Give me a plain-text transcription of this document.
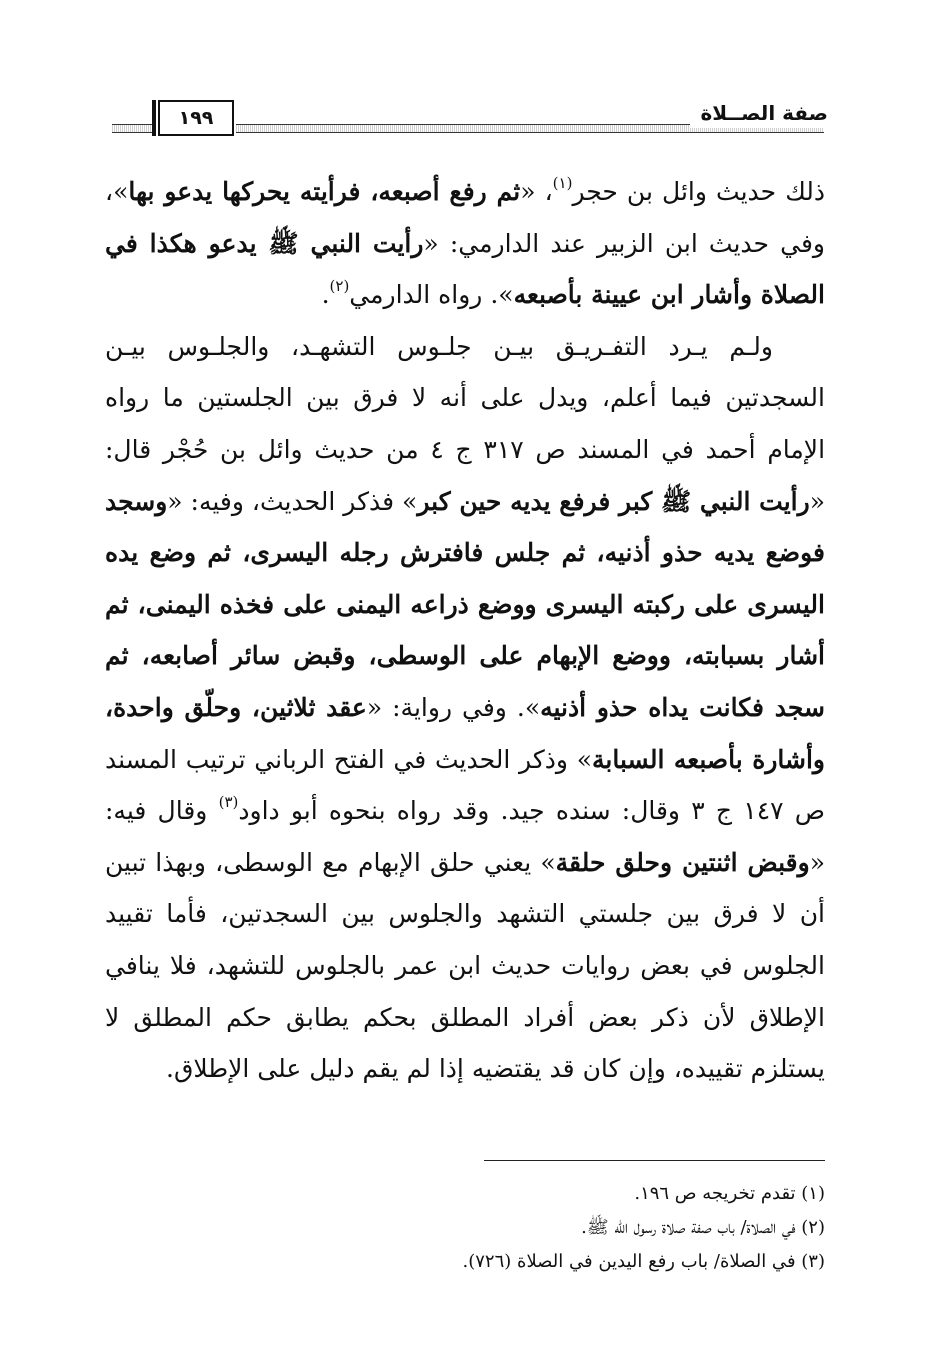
١٩٩	صفة الصــلاة

ذلك حديث وائل بن حجر$^{(١)}$، «ثم رفع أصبعه، فرأيته يحركها يدعو بها»، وفي حديث ابن الزبير عند الدارمي: «رأيت النبي ﷺ يدعو هكذا في الصلاة وأشار ابن عيينة بأصبعه». رواه الدارمي$^{(٢)}$.

ولـم يـرد التفـريـق بيـن جلـوس التشهـد، والجلـوس بيـن السجدتين فيما أعلم، ويدل على أنه لا فرق بين الجلستين ما رواه الإمام أحمد في المسند ص ٣١٧ ج ٤ من حديث وائل بن حُجْر قال: «رأيت النبي ﷺ كبر فرفع يديه حين كبر» فذكر الحديث، وفيه: «وسجد فوضع يديه حذو أذنيه، ثم جلس فافترش رجله اليسرى، ثم وضع يده اليسرى على ركبته اليسرى ووضع ذراعه اليمنى على فخذه اليمنى، ثم أشار بسبابته، ووضع الإبهام على الوسطى، وقبض سائر أصابعه، ثم سجد فكانت يداه حذو أذنيه». وفي رواية: «عقد ثلاثين، وحلّق واحدة، وأشارة بأصبعه السبابة» وذكر الحديث في الفتح الرباني ترتيب المسند ص ١٤٧ ج ٣ وقال: سنده جيد. وقد رواه بنحوه أبو داود$^{(٣)}$ وقال فيه: «وقبض اثنتين وحلق حلقة» يعني حلق الإبهام مع الوسطى، وبهذا تبين أن لا فرق بين جلستي التشهد والجلوس بين السجدتين، فأما تقييد الجلوس في بعض روايات حديث ابن عمر بالجلوس للتشهد، فلا ينافي الإطلاق لأن ذكر بعض أفراد المطلق بحكم يطابق حكم المطلق لا يستلزم تقييده، وإن كان قد يقتضيه إذا لم يقم دليل على الإطلاق.

(١) تقدم تخريجه ص ١٩٦.
(٢) في الصلاة/ باب صفة صلاة رسول الله ﷺ.
(٣) في الصلاة/ باب رفع اليدين في الصلاة (٧٢٦).
